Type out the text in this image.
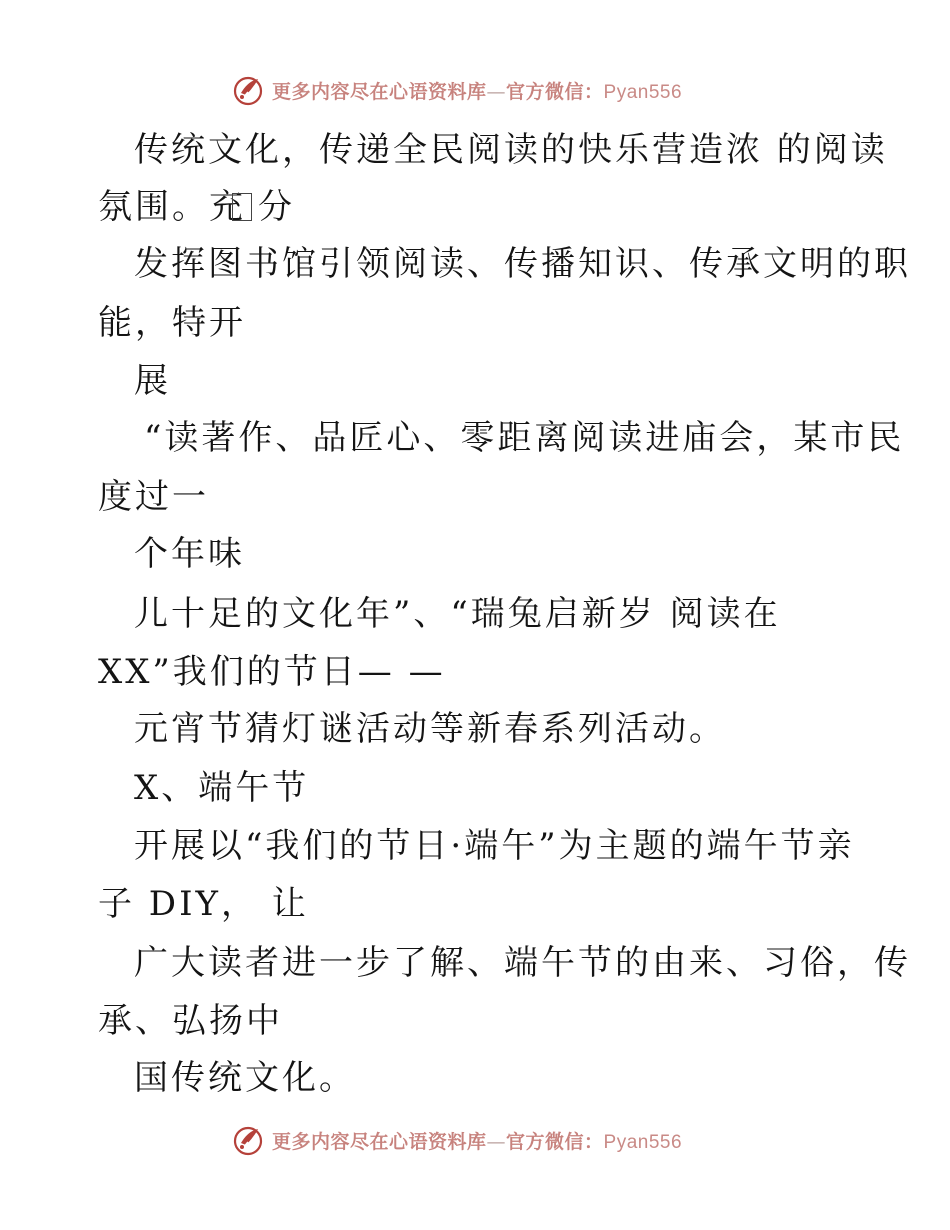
更多内容尽在心语资料库—官方微信：Pyan556
传统文化，传递全民阅读的快乐营造浓 的阅读
氛围。充 分
发挥图书馆引领阅读、传播知识、传承文明的职
能，特开
展
“读著作、品匠心、零距离阅读进庙会，某市民
度过一
个年味
儿十足的文化年”、“瑞兔启新岁 阅读在
XX”我们的节日— —
元宵节猜灯谜活动等新春系列活动。
X、端午节
开展以“我们的节日·端午”为主题的端午节亲
子 DIY， 让
广大读者进一步了解、端午节的由来、习俗，传
承、弘扬中
国传统文化。
更多内容尽在心语资料库—官方微信：Pyan556
